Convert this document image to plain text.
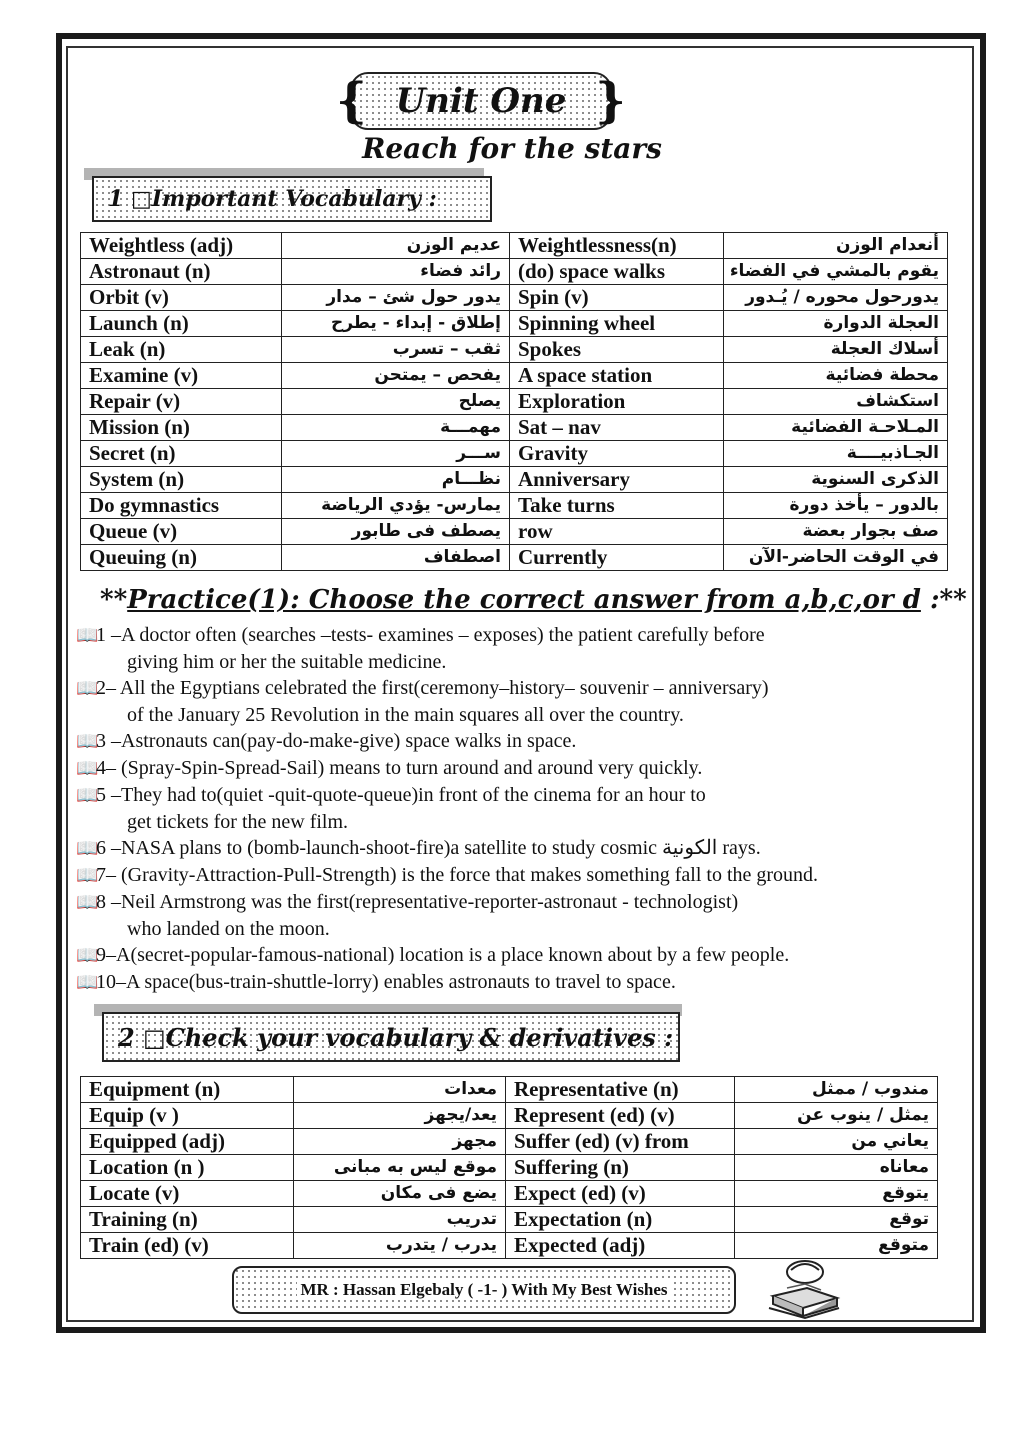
{ Unit One }
Reach for the stars
1 □Important Vocabulary :
Weightless (adj)	عديم الوزن	Weightlessness(n)	أنعدام الوزن
Astronaut (n)	رائد فضاء	(do) space walks	يقوم بالمشي في الفضاء
Orbit (v)	يدور حول شئ – مدار	Spin (v)	يدورحول محوره / يُـدور
Launch (n)	إطلاق - إبداء - يطرح	Spinning wheel	العجلة الدوارة
Leak (n)	ثقب – تسرب	Spokes	أسلاك العجلة
Examine (v)	يفحص – يمتحن	A space station	محطة فضائية
Repair (v)	يصلح	Exploration	استكشاف
Mission (n)	مهمـــة	Sat – nav	المـلاحـة الفضائية
Secret (n)	ســـر	Gravity	الجـاذبيــــة
System (n)	نظـــام	Anniversary	الذكرى السنوية
Do gymnastics	يمارس- يؤدي الرياضة	Take turns	بالدور – يأخذ دورة
Queue (v)	يصطف فى طابور	row	صف بجوار بعضة
Queuing (n)	اصطفاف	Currently	في الوقت الحاضر-الآن
**Practice(1): Choose the correct answer from a,b,c,or d :**
📖1 –A doctor often (searches –tests- examines – exposes) the patient carefully before
giving him or her the suitable medicine.
📖2– All the Egyptians celebrated the first(ceremony–history– souvenir – anniversary)
of the January 25 Revolution in the main squares all over the country.
📖3 –Astronauts can(pay-do-make-give) space walks in space.
📖4– (Spray-Spin-Spread-Sail) means to turn around and around very quickly.
📖5 –They had to(quiet -quit-quote-queue)in front of the cinema for an hour to
get tickets for the new film.
📖6 –NASA plans to (bomb-launch-shoot-fire)a satellite to study cosmic الكونية rays.
📖7– (Gravity-Attraction-Pull-Strength) is the force that makes something fall to the ground.
📖8 –Neil Armstrong was the first(representative-reporter-astronaut - technologist)
who landed on the moon.
📖9–A(secret-popular-famous-national) location is a place known about by a few people.
📖10–A space(bus-train-shuttle-lorry) enables astronauts to travel to space.
2 □Check your vocabulary & derivatives :
Equipment (n)	معدات	Representative (n)	مندوب / ممثل
Equip (v )	يعد/يجهز	Represent (ed) (v)	يمثل / ينوب عن
Equipped (adj)	مجهز	Suffer (ed) (v) from	يعاني من
Location (n )	موقع ليس به مبانى	Suffering (n)	معاناه
Locate (v)	يضع فى مكان	Expect (ed) (v)	يتوقع
Training (n)	تدريب	Expectation (n)	توقع
Train (ed) (v)	يدرب / يتدرب	Expected (adj)	متوقع
MR : Hassan Elgebaly ( -1- ) With My Best Wishes
